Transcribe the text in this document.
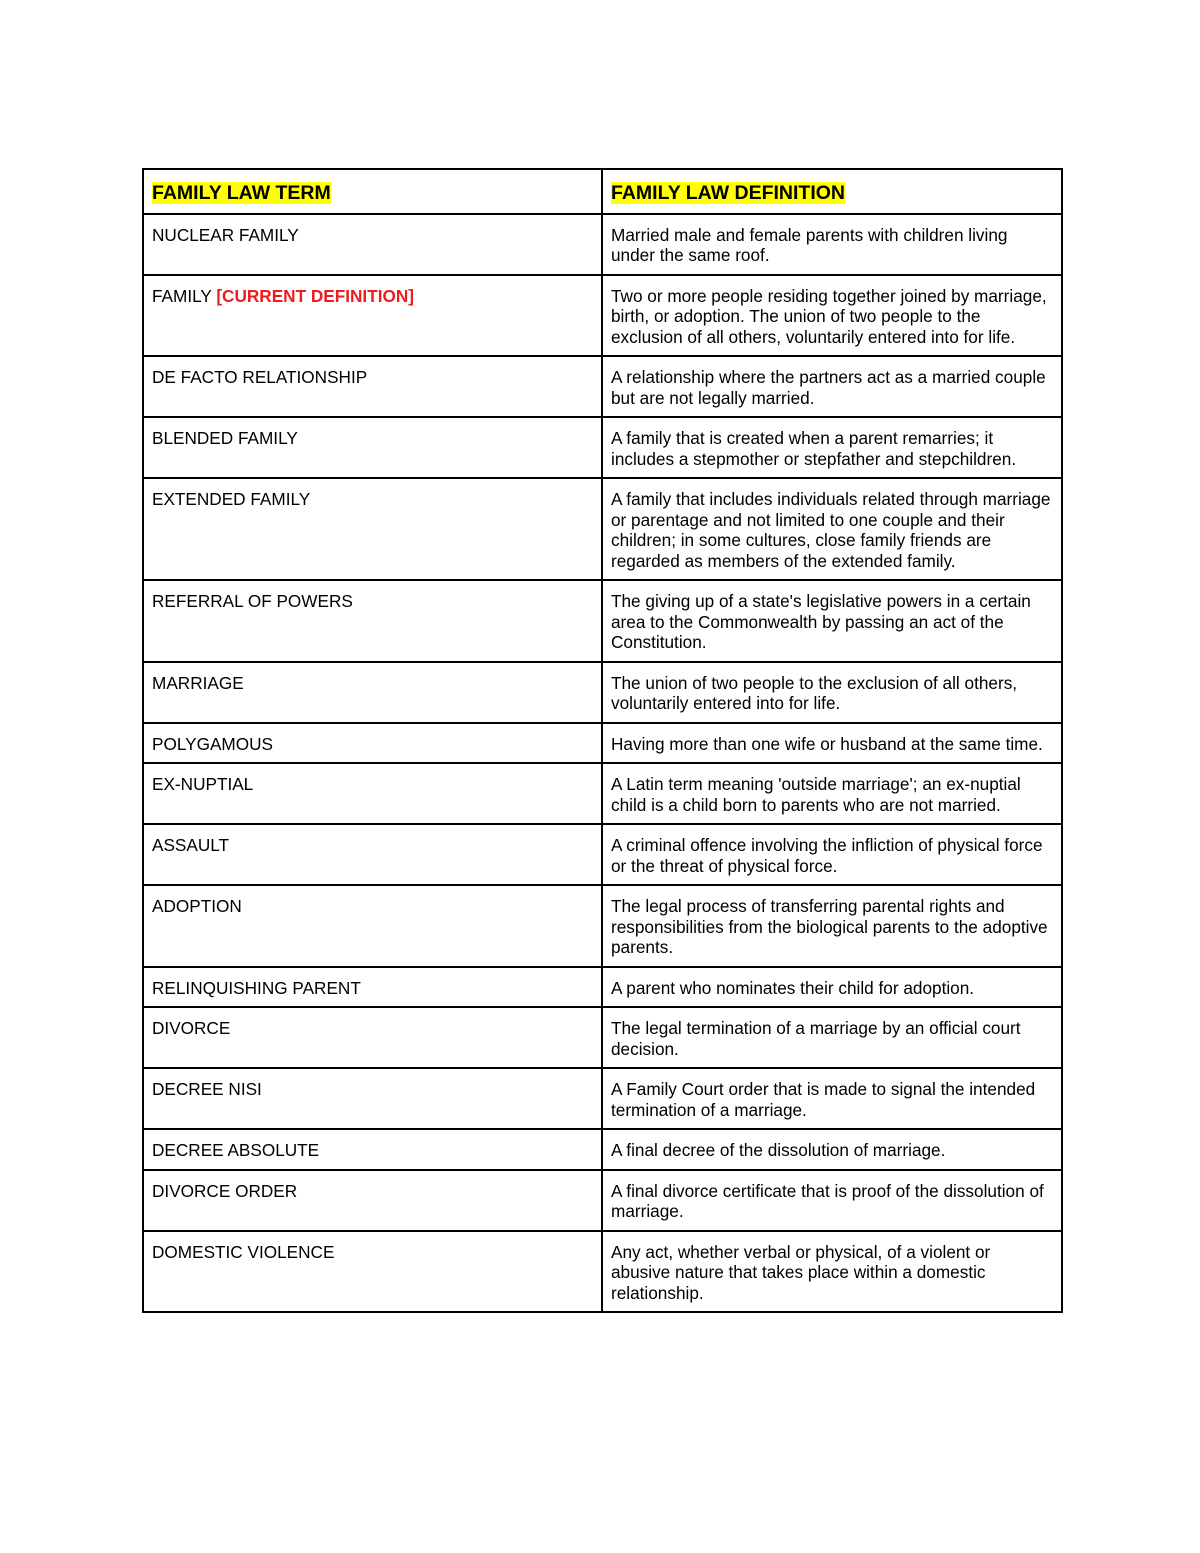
FAMILY LAW TERM	FAMILY LAW DEFINITION
NUCLEAR FAMILY	Married male and female parents with children living under the same roof.
FAMILY [CURRENT DEFINITION]	Two or more people residing together joined by marriage, birth, or adoption. The union of two people to the exclusion of all others, voluntarily entered into for life.
DE FACTO RELATIONSHIP	A relationship where the partners act as a married couple but are not legally married.
BLENDED FAMILY	A family that is created when a parent remarries; it includes a stepmother or stepfather and stepchildren.
EXTENDED FAMILY	A family that includes individuals related through marriage or parentage and not limited to one couple and their children; in some cultures, close family friends are regarded as members of the extended family.
REFERRAL OF POWERS	The giving up of a state's legislative powers in a certain area to the Commonwealth by passing an act of the Constitution.
MARRIAGE	The union of two people to the exclusion of all others, voluntarily entered into for life.
POLYGAMOUS	Having more than one wife or husband at the same time.
EX-NUPTIAL	A Latin term meaning 'outside marriage'; an ex-nuptial child is a child born to parents who are not married.
ASSAULT	A criminal offence involving the infliction of physical force or the threat of physical force.
ADOPTION	The legal process of transferring parental rights and responsibilities from the biological parents to the adoptive parents.
RELINQUISHING PARENT	A parent who nominates their child for adoption.
DIVORCE	The legal termination of a marriage by an official court decision.
DECREE NISI	A Family Court order that is made to signal the intended termination of a marriage.
DECREE ABSOLUTE	A final decree of the dissolution of marriage.
DIVORCE ORDER	A final divorce certificate that is proof of the dissolution of marriage.
DOMESTIC VIOLENCE	Any act, whether verbal or physical, of a violent or abusive nature that takes place within a domestic relationship.
